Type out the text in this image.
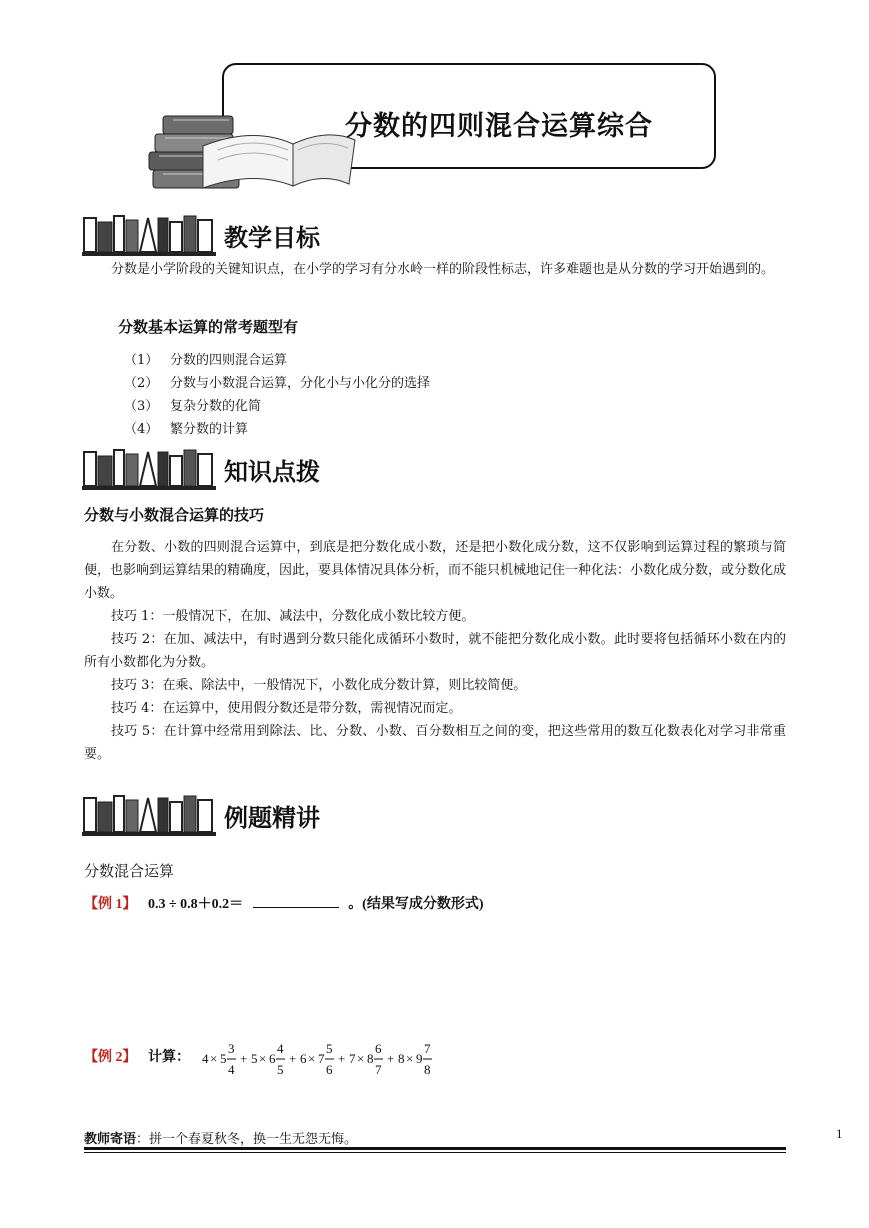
分数的四则混合运算综合
教学目标
分数是小学阶段的关键知识点，在小学的学习有分水岭一样的阶段性标志，许多难题也是从分数的学习开始遇到的。
分数基本运算的常考题型有
（1） 分数的四则混合运算
（2） 分数与小数混合运算，分化小与小化分的选择
（3） 复杂分数的化简
（4） 繁分数的计算
知识点拨
分数与小数混合运算的技巧
在分数、小数的四则混合运算中，到底是把分数化成小数，还是把小数化成分数，这不仅影响到运算过程的繁琐与简便，也影响到运算结果的精确度，因此，要具体情况具体分析，而不能只机械地记住一种化法：小数化成分数，或分数化成小数。
技巧 1：一般情况下，在加、减法中，分数化成小数比较方便。
技巧 2：在加、减法中，有时遇到分数只能化成循环小数时，就不能把分数化成小数。此时要将包括循环小数在内的所有小数都化为分数。
技巧 3：在乘、除法中，一般情况下，小数化成分数计算，则比较简便。
技巧 4：在运算中，使用假分数还是带分数，需视情况而定。
技巧 5：在计算中经常用到除法、比、分数、小数、百分数相互之间的变，把这些常用的数互化数表化对学习非常重要。
例题精讲
分数混合运算
【例 1】 0.3 ÷ 0.8＋0.2＝	。(结果写成分数形式)
【例 2】 计算： 4 × 5
3
4
+ 5 × 6
4
5
+ 6 × 7
5
6
+ 7 × 8
6
7
+ 8 × 9
7
8
教师寄语：拼一个春夏秋冬，换一生无怨无悔。	1
